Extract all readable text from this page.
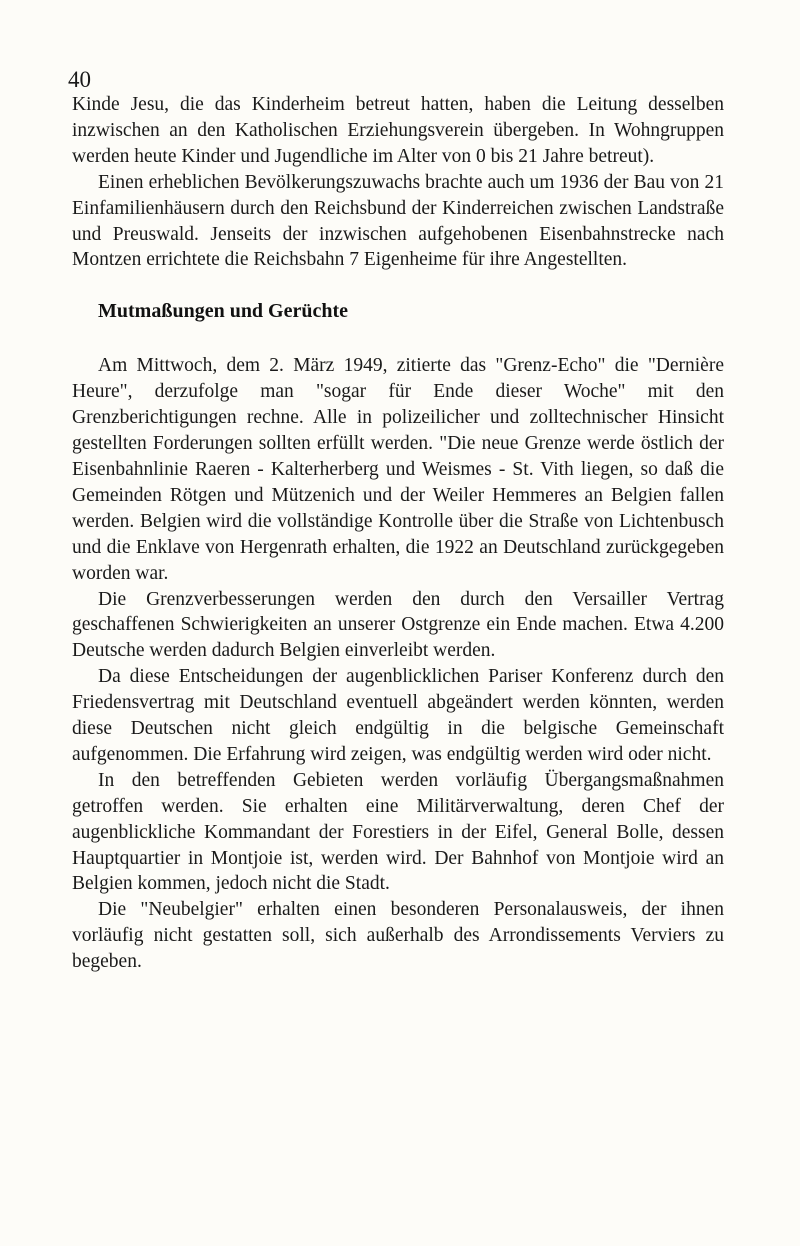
40

Kinde Jesu, die das Kinderheim betreut hatten, haben die Leitung desselben inzwischen an den Katholischen Erziehungsverein übergeben. In Wohngruppen werden heute Kinder und Jugendliche im Alter von 0 bis 21 Jahre betreut).

Einen erheblichen Bevölkerungszuwachs brachte auch um 1936 der Bau von 21 Einfamilienhäusern durch den Reichsbund der Kinderreichen zwischen Landstraße und Preuswald. Jenseits der inzwischen aufgehobenen Eisenbahnstrecke nach Montzen errichtete die Reichsbahn 7 Eigenheime für ihre Angestellten.

Mutmaßungen und Gerüchte

Am Mittwoch, dem 2. März 1949, zitierte das "Grenz-Echo" die "Dernière Heure", derzufolge man "sogar für Ende dieser Woche" mit den Grenzberichtigungen rechne. Alle in polizeilicher und zolltechnischer Hinsicht gestellten Forderungen sollten erfüllt werden. "Die neue Grenze werde östlich der Eisenbahnlinie Raeren - Kalterherberg und Weismes - St. Vith liegen, so daß die Gemeinden Rötgen und Mützenich und der Weiler Hemmeres an Belgien fallen werden. Belgien wird die vollständige Kontrolle über die Straße von Lichtenbusch und die Enklave von Hergenrath erhalten, die 1922 an Deutschland zurückgegeben worden war.

Die Grenzverbesserungen werden den durch den Versailler Vertrag geschaffenen Schwierigkeiten an unserer Ostgrenze ein Ende machen. Etwa 4.200 Deutsche werden dadurch Belgien einverleibt werden.

Da diese Entscheidungen der augenblicklichen Pariser Konferenz durch den Friedensvertrag mit Deutschland eventuell abgeändert werden könnten, werden diese Deutschen nicht gleich endgültig in die belgische Gemeinschaft aufgenommen. Die Erfahrung wird zeigen, was endgültig werden wird oder nicht.

In den betreffenden Gebieten werden vorläufig Übergangsmaßnahmen getroffen werden. Sie erhalten eine Militärverwaltung, deren Chef der augenblickliche Kommandant der Forestiers in der Eifel, General Bolle, dessen Hauptquartier in Montjoie ist, werden wird. Der Bahnhof von Montjoie wird an Belgien kommen, jedoch nicht die Stadt.

Die "Neubelgier" erhalten einen besonderen Personalausweis, der ihnen vorläufig nicht gestatten soll, sich außerhalb des Arrondissements Verviers zu begeben.
